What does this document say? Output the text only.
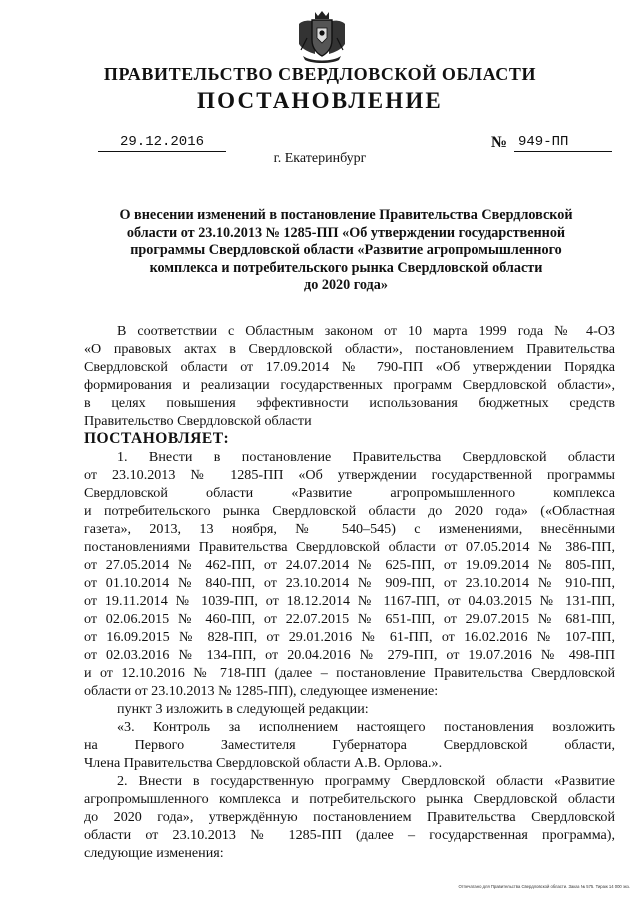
ПРАВИТЕЛЬСТВО СВЕРДЛОВСКОЙ ОБЛАСТИ
ПОСТАНОВЛЕНИЕ
29.12.2016	№ 949-ПП
г. Екатеринбург
О внесении изменений в постановление Правительства Свердловской
области от 23.10.2013 № 1285-ПП «Об утверждении государственной
программы Свердловской области «Развитие агропромышленного
комплекса и потребительского рынка Свердловской области
до 2020 года»
В соответствии с Областным законом от 10 марта 1999 года № 4-ОЗ
«О правовых актах в Свердловской области», постановлением Правительства
Свердловской области от 17.09.2014 № 790-ПП «Об утверждении Порядка
формирования и реализации государственных программ Свердловской области»,
в целях повышения эффективности использования бюджетных средств
Правительство Свердловской области
ПОСТАНОВЛЯЕТ:
1. Внести в постановление Правительства Свердловской области
от 23.10.2013 № 1285-ПП «Об утверждении государственной программы
Свердловской области «Развитие агропромышленного комплекса
и потребительского рынка Свердловской области до 2020 года» («Областная
газета», 2013, 13 ноября, № 540–545) с изменениями, внесёнными
постановлениями Правительства Свердловской области от 07.05.2014 № 386-ПП,
от 27.05.2014 № 462-ПП, от 24.07.2014 № 625-ПП, от 19.09.2014 № 805-ПП,
от 01.10.2014 № 840-ПП, от 23.10.2014 № 909-ПП, от 23.10.2014 № 910-ПП,
от 19.11.2014 № 1039-ПП, от 18.12.2014 № 1167-ПП, от 04.03.2015 № 131-ПП,
от 02.06.2015 № 460-ПП, от 22.07.2015 № 651-ПП, от 29.07.2015 № 681-ПП,
от 16.09.2015 № 828-ПП, от 29.01.2016 № 61-ПП, от 16.02.2016 № 107-ПП,
от 02.03.2016 № 134-ПП, от 20.04.2016 № 279-ПП, от 19.07.2016 № 498-ПП
и от 12.10.2016 № 718-ПП (далее – постановление Правительства Свердловской
области от 23.10.2013 № 1285-ПП), следующее изменение:
пункт 3 изложить в следующей редакции:
«3. Контроль за исполнением настоящего постановления возложить
на Первого Заместителя Губернатора Свердловской области,
Члена Правительства Свердловской области А.В. Орлова.».
2. Внести в государственную программу Свердловской области «Развитие
агропромышленного комплекса и потребительского рынка Свердловской области
до 2020 года», утверждённую постановлением Правительства Свердловской
области от 23.10.2013 № 1285-ПП (далее – государственная программа),
следующие изменения:
Отпечатано для Правительства Свердловской области. Заказ № 575. Тираж 14 000 экз.
